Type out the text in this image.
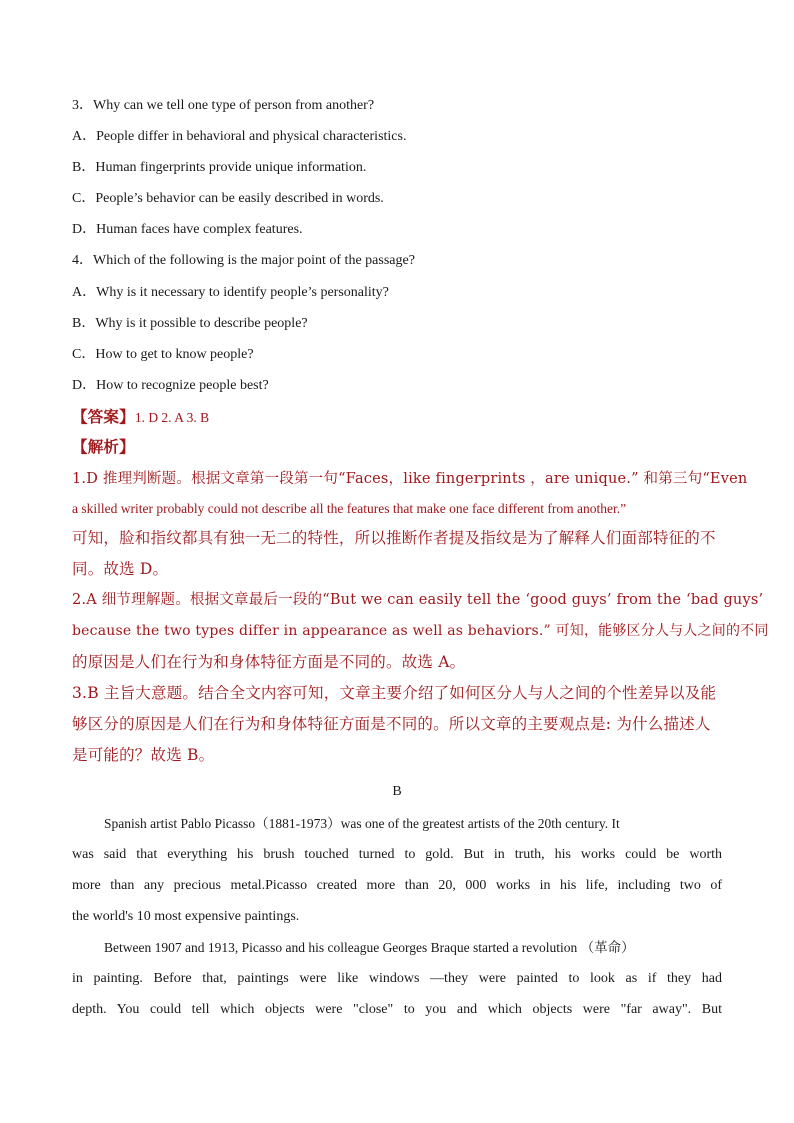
3．Why can we tell one type of person from another?
A．People differ in behavioral and physical characteristics.
B．Human fingerprints provide unique information.
C．People’s behavior can be easily described in words.
D．Human faces have complex features.
4．Which of the following is the major point of the passage?
A．Why is it necessary to identify people’s personality?
B．Why is it possible to describe people?
C．How to get to know people?
D．How to recognize people best?
【答案】1. D 2. A 3. B
【解析】
1.D 推理判断题。根据文章第一段第一句“Faces，like fingerprints ，are unique.” 和第三句“Even
a skilled writer probably could not describe all the features that make one face different from another.”
可知，脸和指纹都具有独一无二的特性，所以推断作者提及指纹是为了解释人们面部特征的不
同。故选 D。
2.A 细节理解题。根据文章最后一段的“But we can easily tell the ‘good guys’ from the ‘bad guys’
because the two types differ in appearance as well as behaviors.” 可知，能够区分人与人之间的不同
的原因是人们在行为和身体特征方面是不同的。故选 A。
3.B 主旨大意题。结合全文内容可知，文章主要介绍了如何区分人与人之间的个性差异以及能
够区分的原因是人们在行为和身体特征方面是不同的。所以文章的主要观点是: 为什么描述人
是可能的？故选 B。
B
Spanish artist Pablo Picasso（1881-1973）was one of the greatest artists of the 20th century. It
was said that everything his brush touched turned to gold. But in truth, his works could be worth
more than any precious metal.Picasso created more than 20, 000 works in his life, including two of
the world's 10 most expensive paintings.
Between 1907 and 1913, Picasso and his colleague Georges Braque started a revolution （革命）
in painting. Before that, paintings were like windows —they were painted to look as if they had
depth. You could tell which objects were "close" to you and which objects were "far away". But
